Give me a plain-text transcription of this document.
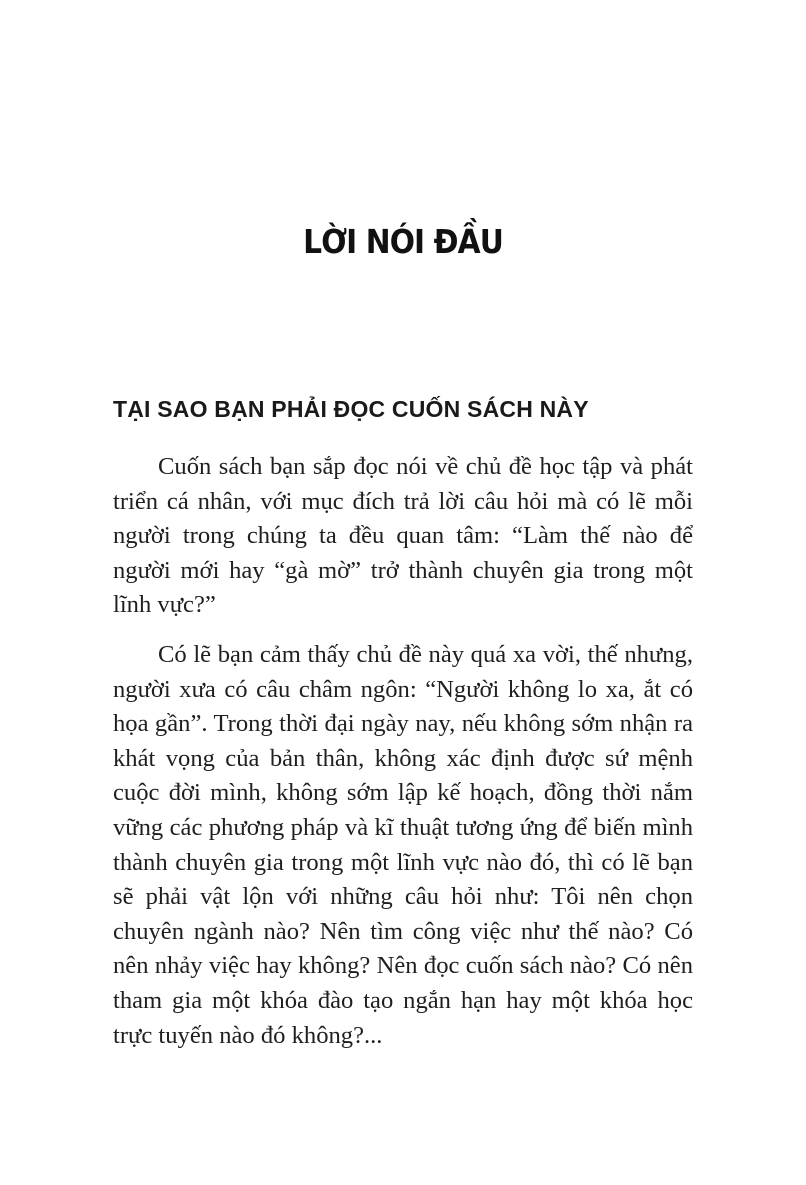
LỜI NÓI ĐẦU
TẠI SAO BẠN PHẢI ĐỌC CUỐN SÁCH NÀY

Cuốn sách bạn sắp đọc nói về chủ đề học tập và phát triển cá nhân, với mục đích trả lời câu hỏi mà có lẽ mỗi người trong chúng ta đều quan tâm: “Làm thế nào để người mới hay “gà mờ” trở thành chuyên gia trong một lĩnh vực?”

Có lẽ bạn cảm thấy chủ đề này quá xa vời, thế nhưng, người xưa có câu châm ngôn: “Người không lo xa, ắt có họa gần”. Trong thời đại ngày nay, nếu không sớm nhận ra khát vọng của bản thân, không xác định được sứ mệnh cuộc đời mình, không sớm lập kế hoạch, đồng thời nắm vững các phương pháp và kĩ thuật tương ứng để biến mình thành chuyên gia trong một lĩnh vực nào đó, thì có lẽ bạn sẽ phải vật lộn với những câu hỏi như: Tôi nên chọn chuyên ngành nào? Nên tìm công việc như thế nào? Có nên nhảy việc hay không? Nên đọc cuốn sách nào? Có nên tham gia một khóa đào tạo ngắn hạn hay một khóa học trực tuyến nào đó không?...
